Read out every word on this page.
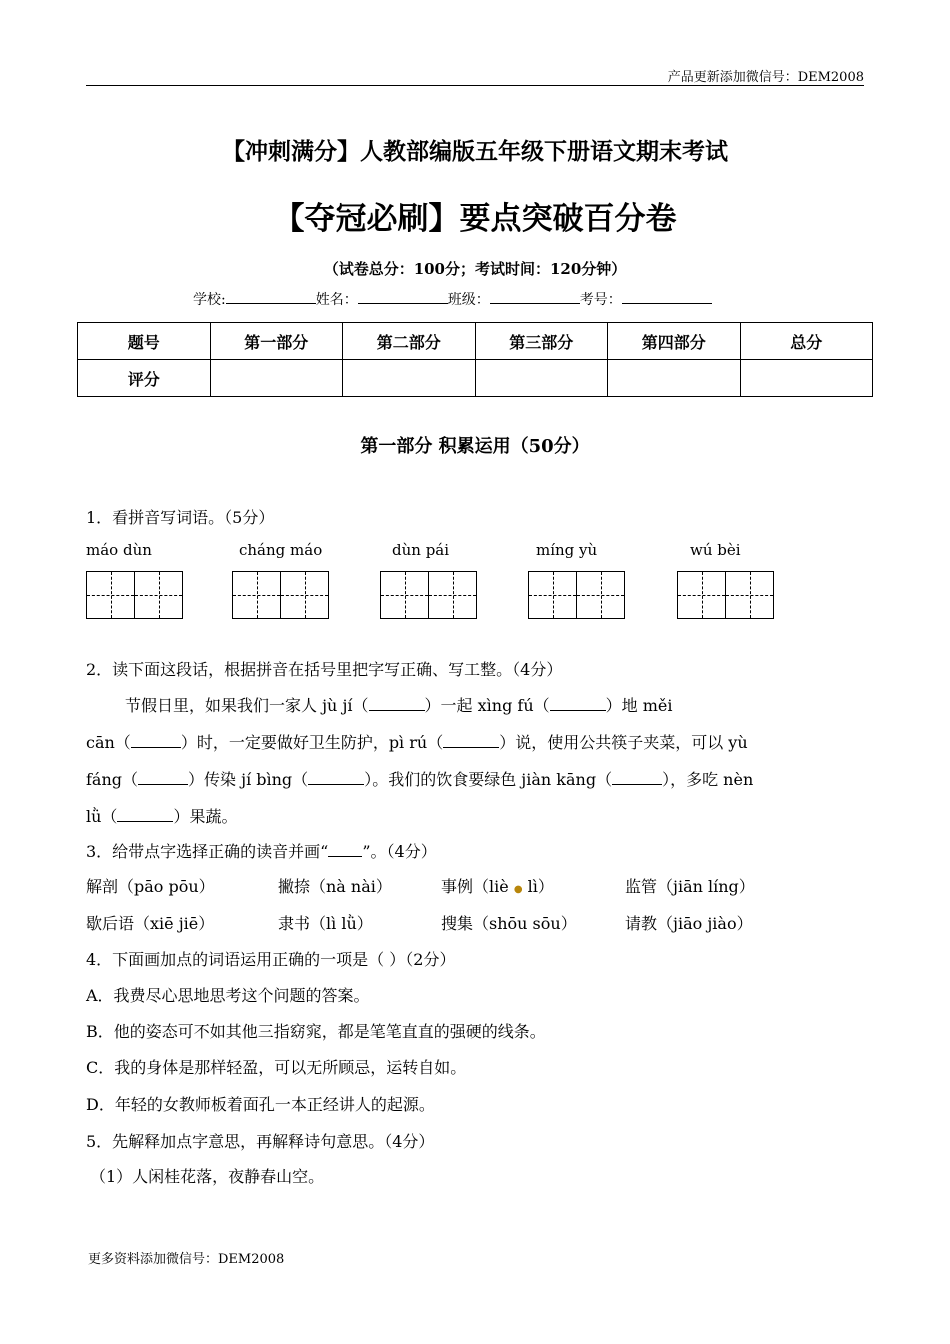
产品更新添加微信号：DEM2008
【冲刺满分】人教部编版五年级下册语文期末考试
【夺冠必刷】要点突破百分卷
（试卷总分：100分；考试时间：120分钟）
学校:	姓名：	班级：	考号：
题号	第一部分	第二部分	第三部分	第四部分	总分
评分					
第一部分 积累运用（50分）
1．看拼音写词语。（5分）
máo dùn	cháng máo	dùn pái	míng yù	wú bèi
2．读下面这段话，根据拼音在括号里把字写正确、写工整。（4分）
节假日里，如果我们一家人 jù jí（	）一起 xìng fú（	）地 měi
cān（	）时，一定要做好卫生防护，pì rú（	）说，使用公共筷子夹菜，可以 yù
fáng（	）传染 jí bìng（	）。我们的饮食要绿色 jiàn kāng（	），多吃 nèn
lǜ（	）果蔬。
3．给带点字选择正确的读音并画“ ”。（4分）
解剖（pāo pōu）	撇捺（nà nài）	事例（liè ● lì）	监管（jiān líng）
歇后语（xiē jiē）	隶书（lì lǜ）	搜集（shōu sōu）	请教（jiāo jiào）
4．下面画加点的词语运用正确的一项是（ ）（2分）
A．我费尽心思地思考这个问题的答案。
B．他的姿态可不如其他三指窈窕，都是笔笔直直的强硬的线条。
C．我的身体是那样轻盈，可以无所顾忌，运转自如。
D．年轻的女教师板着面孔一本正经讲人的起源。
5．先解释加点字意思，再解释诗句意思。（4分）
（1）人闲桂花落，夜静春山空。
更多资料添加微信号：DEM2008
